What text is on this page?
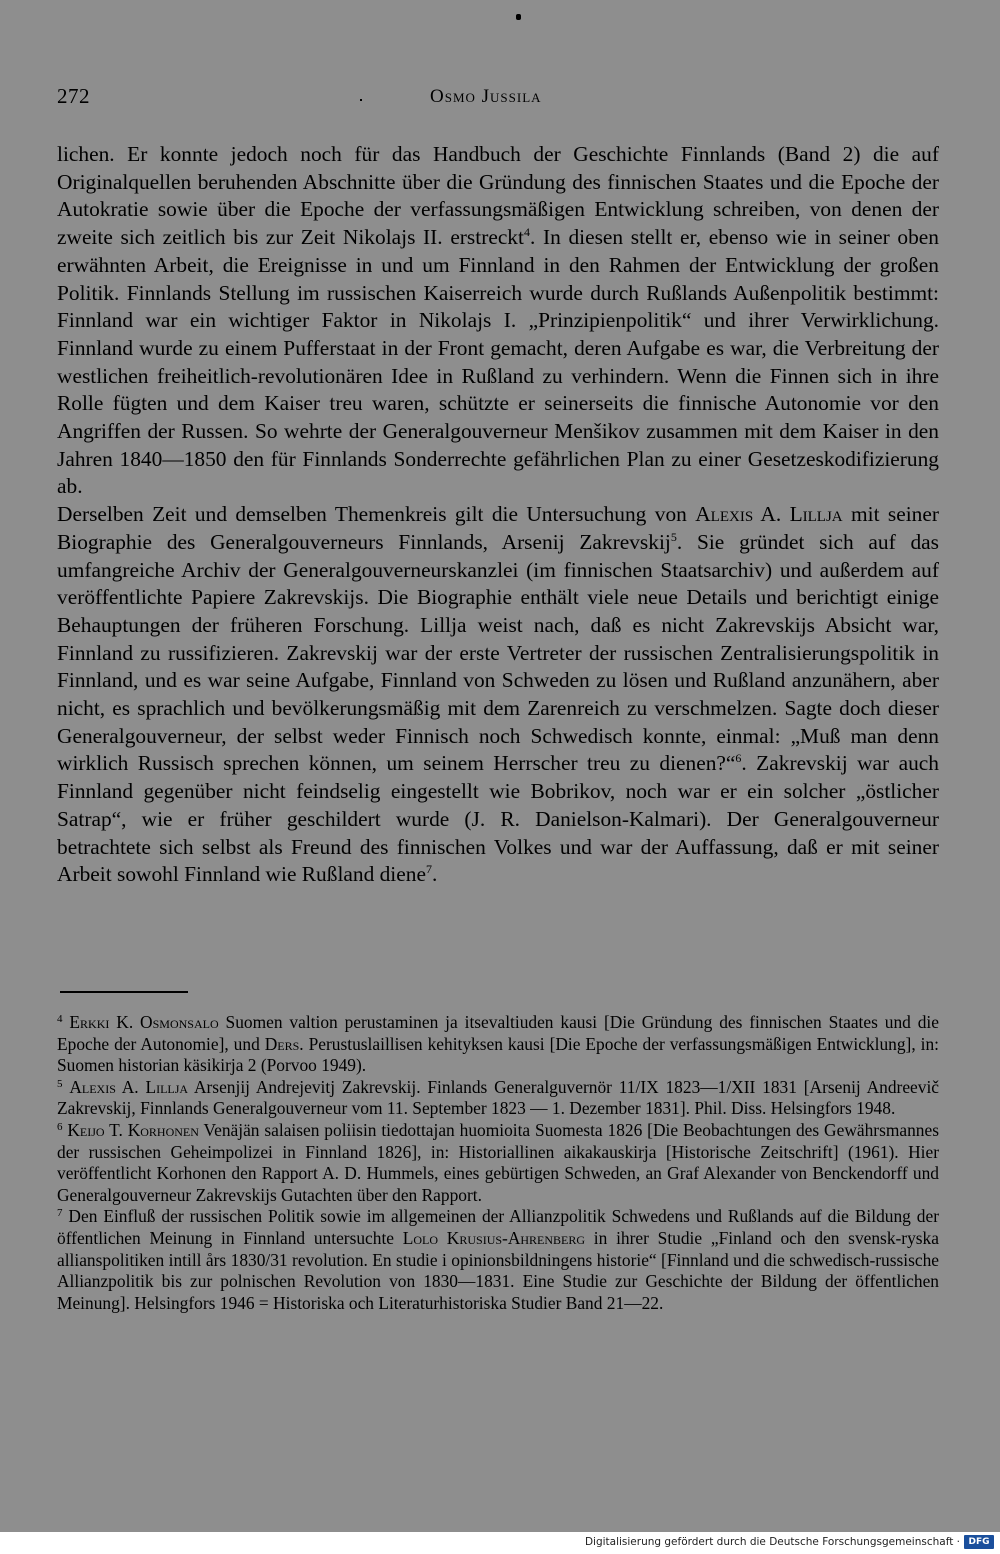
272	Osmo Jussila

lichen. Er konnte jedoch noch für das Handbuch der Geschichte Finnlands (Band 2) die auf Originalquellen beruhenden Abschnitte über die Gründung des finnischen Staates und die Epoche der Autokratie sowie über die Epoche der verfassungsmäßigen Entwicklung schreiben, von denen der zweite sich zeitlich bis zur Zeit Nikolajs II. erstreckt$^4$. In diesen stellt er, ebenso wie in seiner oben erwähnten Arbeit, die Ereignisse in und um Finnland in den Rahmen der Entwicklung der großen Politik. Finnlands Stellung im russischen Kaiserreich wurde durch Rußlands Außenpolitik bestimmt: Finnland war ein wichtiger Faktor in Nikolajs I. „Prinzipienpolitik“ und ihrer Verwirklichung. Finnland wurde zu einem Pufferstaat in der Front gemacht, deren Aufgabe es war, die Verbreitung der westlichen freiheitlich-revolutionären Idee in Rußland zu verhindern. Wenn die Finnen sich in ihre Rolle fügten und dem Kaiser treu waren, schützte er seinerseits die finnische Autonomie vor den Angriffen der Russen. So wehrte der Generalgouverneur Menšikov zusammen mit dem Kaiser in den Jahren 1840—1850 den für Finnlands Sonderrechte gefährlichen Plan zu einer Gesetzeskodifizierung ab.

Derselben Zeit und demselben Themenkreis gilt die Untersuchung von Alexis A. Lillja mit seiner Biographie des Generalgouverneurs Finnlands, Arsenij Zakrevskij$^5$. Sie gründet sich auf das umfangreiche Archiv der Generalgouverneurskanzlei (im finnischen Staatsarchiv) und außerdem auf veröffentlichte Papiere Zakrevskijs. Die Biographie enthält viele neue Details und berichtigt einige Behauptungen der früheren Forschung. Lillja weist nach, daß es nicht Zakrevskijs Absicht war, Finnland zu russifizieren. Zakrevskij war der erste Vertreter der russischen Zentralisierungspolitik in Finnland, und es war seine Aufgabe, Finnland von Schweden zu lösen und Rußland anzunähern, aber nicht, es sprachlich und bevölkerungsmäßig mit dem Zarenreich zu verschmelzen. Sagte doch dieser Generalgouverneur, der selbst weder Finnisch noch Schwedisch konnte, einmal: „Muß man denn wirklich Russisch sprechen können, um seinem Herrscher treu zu dienen?“$^6$. Zakrevskij war auch Finnland gegenüber nicht feindselig eingestellt wie Bobrikov, noch war er ein solcher „östlicher Satrap“, wie er früher geschildert wurde (J. R. Danielson-Kalmari). Der Generalgouverneur betrachtete sich selbst als Freund des finnischen Volkes und war der Auffassung, daß er mit seiner Arbeit sowohl Finnland wie Rußland diene$^7$.

$^4$ Erkki K. Osmonsalo Suomen valtion perustaminen ja itsevaltiuden kausi [Die Gründung des finnischen Staates und die Epoche der Autonomie], und Ders. Perustuslaillisen kehityksen kausi [Die Epoche der verfassungsmäßigen Entwicklung], in: Suomen historian käsikirja 2 (Porvoo 1949).

$^5$ Alexis A. Lillja Arsenjij Andrejevitj Zakrevskij. Finlands Generalguvernör 11/IX 1823—1/XII 1831 [Arsenij Andreevič Zakrevskij, Finnlands Generalgouverneur vom 11. September 1823 — 1. Dezember 1831]. Phil. Diss. Helsingfors 1948.

$^6$ Keijo T. Korhonen Venäjän salaisen poliisin tiedottajan huomioita Suomesta 1826 [Die Beobachtungen des Gewährsmannes der russischen Geheimpolizei in Finnland 1826], in: Historiallinen aikakauskirja [Historische Zeitschrift] (1961). Hier veröffentlicht Korhonen den Rapport A. D. Hummels, eines gebürtigen Schweden, an Graf Alexander von Benckendorff und Generalgouverneur Zakrevskijs Gutachten über den Rapport.

$^7$ Den Einfluß der russischen Politik sowie im allgemeinen der Allianzpolitik Schwedens und Rußlands auf die Bildung der öffentlichen Meinung in Finnland untersuchte Lolo Krusius-Ahrenberg in ihrer Studie „Finland och den svensk-ryska allianspolitiken intill års 1830/31 revolution. En studie i opinionsbildningens historie“ [Finnland und die schwedisch-russische Allianzpolitik bis zur polnischen Revolution von 1830—1831. Eine Studie zur Geschichte der Bildung der öffentlichen Meinung]. Helsingfors 1946 = Historiska och Literaturhistoriska Studier Band 21—22.

Digitalisierung gefördert durch die Deutsche Forschungsgemeinschaft · DFG
